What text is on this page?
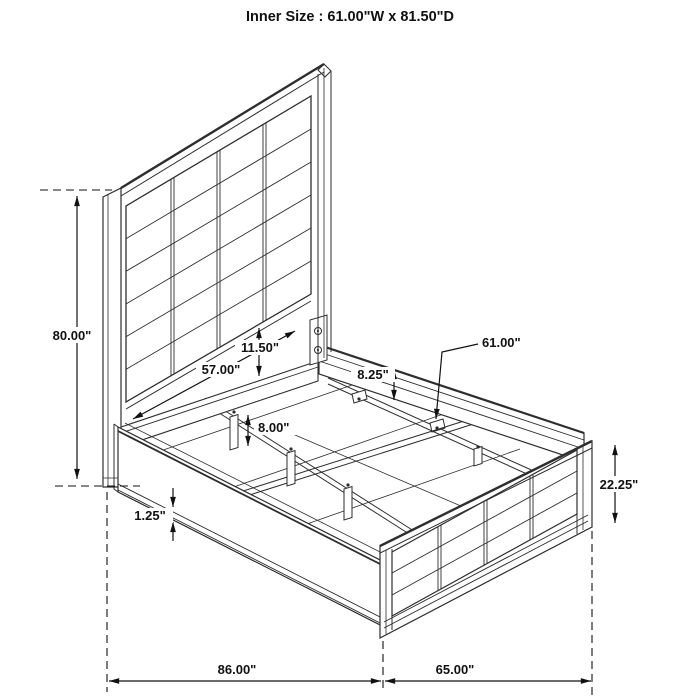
80.00"
11.50"
57.00"	8.25"
61.00"
8.00"
1.25"
22.25"
86.00"	65.00"
Inner Size : 61.00"W x 81.50"D
